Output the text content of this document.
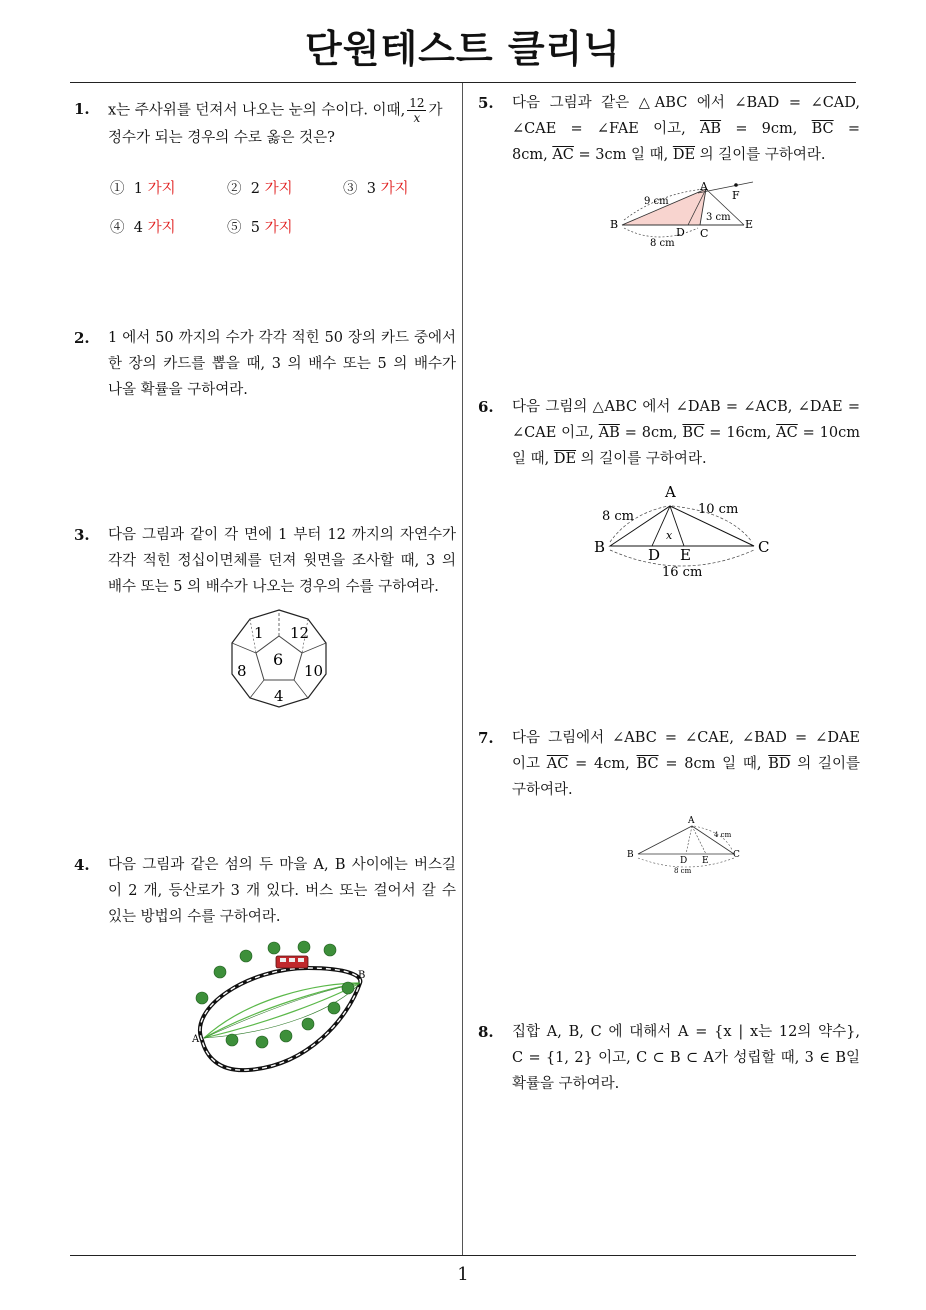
단원테스트 클리닉
1. x는 주사위를 던져서 나오는 눈의 수이다. 이때, $\frac{12}{x}$ 가

정수가 되는 경우의 수로 옳은 것은?

① 1 가지	② 2 가지	③ 3 가지
④ 4 가지	⑤ 5 가지
2. 1 에서 50 까지의 수가 각각 적힌 50 장의 카드 중에서

한 장의 카드를 뽑을 때, 3 의 배수 또는 5 의 배수가

나올 확률을 구하여라.

3. 다음 그림과 같이 각 면에 1 부터 12 까지의 자연수가

각각 적힌 정십이면체를 던져 윗면을 조사할 때, 3 의

배수 또는 5 의 배수가 나오는 경우의 수를 구하여라.

1 12
6
8	10
4
4. 다음 그림과 같은 섬의 두 마을 A, B 사이에는 버스길

이 2 개, 등산로가 3 개 있다. 버스 또는 걸어서 갈 수

있는 방법의 수를 구하여라.

A
B
5. 다음 그림과 같은 △ABC 에서 ∠BAD = ∠CAD,

∠CAE = ∠FAE 이고, $\overline{AB} = 9cm$, $\overline{BC}$ =

8cm, $\overline{AC} = 3cm$ 일 때, $\overline{DE}$ 의 길이를 구하여라.

A
F
B
D C
E
9 cm
3 cm
8 cm
6. 다음 그림의 △ABC 에서 ∠DAB = ∠ACB, ∠DAE =

∠CAE 이고, $\overline{AB} = 8cm$, $\overline{BC} = 16cm$, $\overline{AC} = 10cm$

일 때, $\overline{DE}$ 의 길이를 구하여라.

A
B	C
D E
x
8 cm	10 cm
16 cm
7. 다음 그림에서 ∠ABC = ∠CAE, ∠BAD = ∠DAE

이고 $\overline{AC} = 4cm$, $\overline{BC} = 8cm$ 일 때, $\overline{BD}$ 의 길이를

구하여라.

A
B	C
D E
4 cm
8 cm
8. 집합 A, B, C 에 대해서 A = {x | x는 12의 약수},

C = {1, 2} 이고, C ⊂ B ⊂ A가 성립할 때, 3 ∈ B일

확률을 구하여라.

1
